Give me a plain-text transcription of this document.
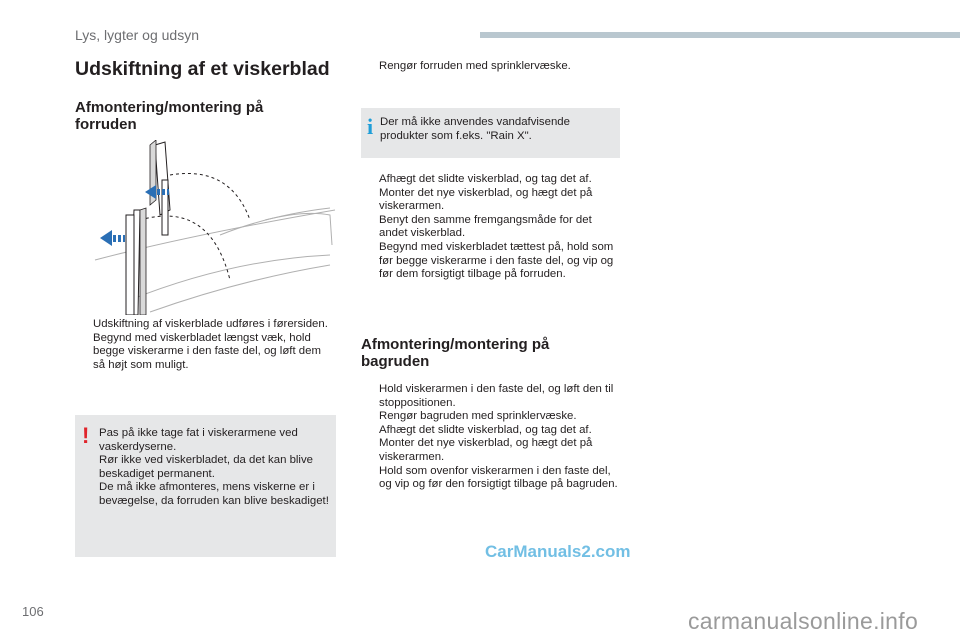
Lys, lygter og udsyn
Udskiftning af et viskerblad
Afmontering/montering på forruden
Udskiftning af viskerblade udføres i førersiden.
Begynd med viskerbladet længst væk, hold begge viskerarme i den faste del, og løft dem så højt som muligt.
! Pas på ikke tage fat i viskerarmene ved vaskerdyserne.
Rør ikke ved viskerbladet, da det kan blive beskadiget permanent.
De må ikke afmonteres, mens viskerne er i bevægelse, da forruden kan blive beskadiget!
Rengør forruden med sprinklervæske.
i Der må ikke anvendes vandafvisende produkter som f.eks. "Rain X".
Afhægt det slidte viskerblad, og tag det af.
Monter det nye viskerblad, og hægt det på viskerarmen.
Benyt den samme fremgangsmåde for det andet viskerblad.
Begynd med viskerbladet tættest på, hold som før begge viskerarme i den faste del, og vip og før dem forsigtigt tilbage på forruden.
Afmontering/montering på bagruden
Hold viskerarmen i den faste del, og løft den til stoppositionen.
Rengør bagruden med sprinklervæske.
Afhægt det slidte viskerblad, og tag det af.
Monter det nye viskerblad, og hægt det på viskerarmen.
Hold som ovenfor viskerarmen i den faste del, og vip og før den forsigtigt tilbage på bagruden.
CarManuals2.com
carmanualsonline.info
106
